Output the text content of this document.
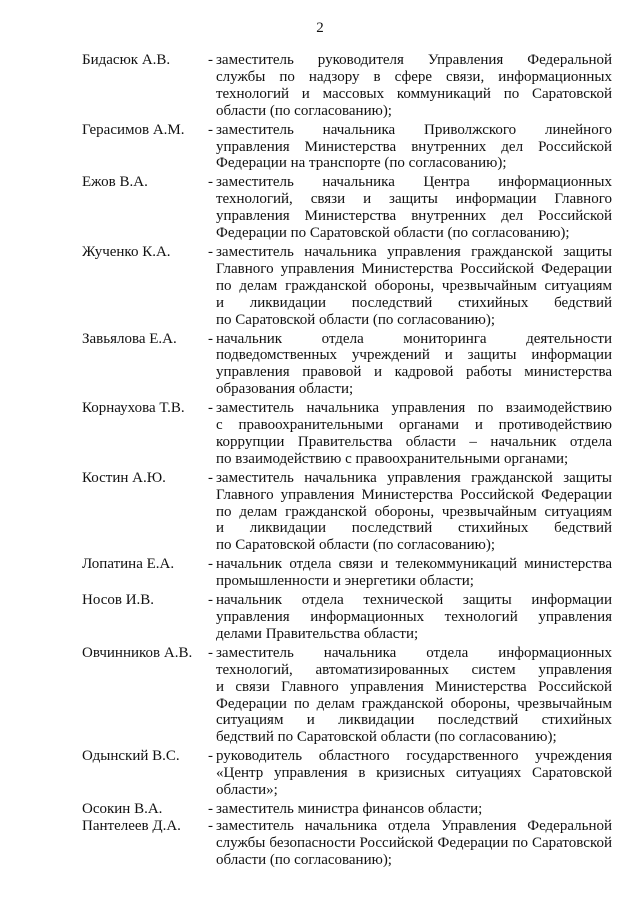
2
Бидасюк А.В.	- заместитель руководителя Управления Федеральной
службы по надзору в сфере связи, информационных
технологий и массовых коммуникаций по Саратовской
области (по согласованию);
Герасимов А.М.	- заместитель начальника Приволжского линейного
управления Министерства внутренних дел Российской
Федерации на транспорте (по согласованию);
Ежов В.А.	- заместитель начальника Центра информационных
технологий, связи и защиты информации Главного
управления Министерства внутренних дел Российской
Федерации по Саратовской области (по согласованию);
Жученко К.А.	- заместитель начальника управления гражданской защиты
Главного управления Министерства Российской Федерации
по делам гражданской обороны, чрезвычайным ситуациям
и ликвидации последствий стихийных бедствий
по Саратовской области (по согласованию);
Завьялова Е.А.	- начальник отдела мониторинга деятельности
подведомственных учреждений и защиты информации
управления правовой и кадровой работы министерства
образования области;
Корнаухова Т.В.	- заместитель начальника управления по взаимодействию
с правоохранительными органами и противодействию
коррупции Правительства области – начальник отдела
по взаимодействию с правоохранительными органами;
Костин А.Ю.	- заместитель начальника управления гражданской защиты
Главного управления Министерства Российской Федерации
по делам гражданской обороны, чрезвычайным ситуациям
и ликвидации последствий стихийных бедствий
по Саратовской области (по согласованию);
Лопатина Е.А.	- начальник отдела связи и телекоммуникаций министерства
промышленности и энергетики области;
Носов И.В.	- начальник отдела технической защиты информации
управления информационных технологий управления
делами Правительства области;
Овчинников А.В.	- заместитель начальника отдела информационных
технологий, автоматизированных систем управления
и связи Главного управления Министерства Российской
Федерации по делам гражданской обороны, чрезвычайным
ситуациям и ликвидации последствий стихийных
бедствий по Саратовской области (по согласованию);
Одынский В.С.	- руководитель областного государственного учреждения
«Центр управления в кризисных ситуациях Саратовской
области»;
Осокин В.А.	- заместитель министра финансов области;
Пантелеев Д.А.	- заместитель начальника отдела Управления Федеральной
службы безопасности Российской Федерации по Саратовской
области (по согласованию);
